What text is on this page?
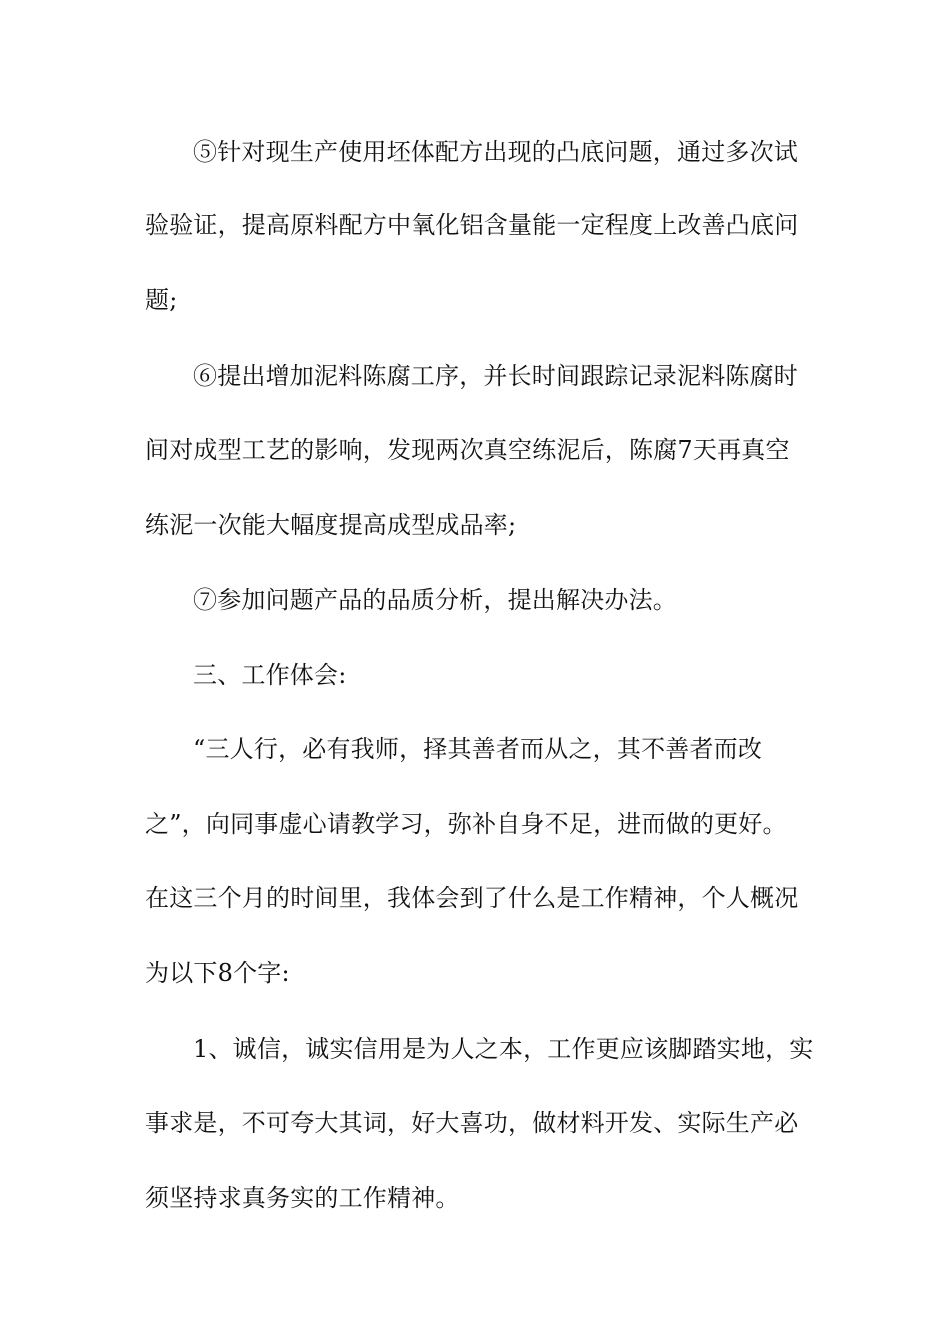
⑤针对现生产使用坯体配方出现的凸底问题，通过多次试
验验证，提高原料配方中氧化铝含量能一定程度上改善凸底问
题;
⑥提出增加泥料陈腐工序，并长时间跟踪记录泥料陈腐时
间对成型工艺的影响，发现两次真空练泥后，陈腐7天再真空
练泥一次能大幅度提高成型成品率;
⑦参加问题产品的品质分析，提出解决办法。
三、工作体会:
“三人行，必有我师，择其善者而从之，其不善者而改
之”，向同事虚心请教学习，弥补自身不足，进而做的更好。
在这三个月的时间里，我体会到了什么是工作精神，个人概况
为以下8个字:
1、诚信，诚实信用是为人之本，工作更应该脚踏实地，实
事求是，不可夸大其词，好大喜功，做材料开发、实际生产必
须坚持求真务实的工作精神。
